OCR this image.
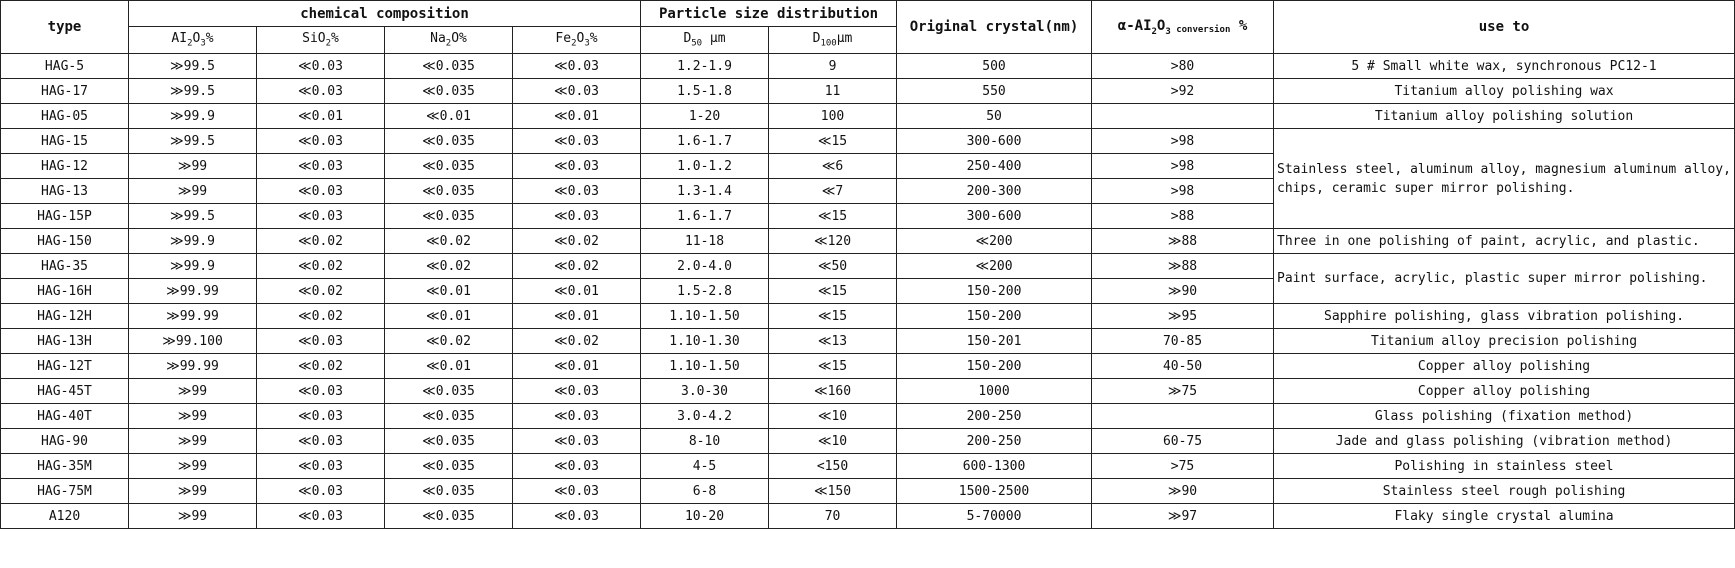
type	chemical composition				Particle size distribution		Original crystal(nm)	$\alpha-AI_2O_3$ conversion %	use to
	$AI_2O_3\%$	SiO$_2$%	$Na_2O\%$	$Fe_2O_3\%$	$D_{50}$ μm	$D_{100}\mu m$			
HAG-5	≫99.5	≪0.03	≪0.035	≪0.03	1.2-1.9	9	500	>80	5 # Small white wax, synchronous PC12-1
HAG-17	≫99.5	≪0.03	≪0.035	≪0.03	1.5-1.8	11	550	>92	Titanium alloy polishing wax
HAG-05	≫99.9	≪0.01	≪0.01	≪0.01	1-20	100	50		Titanium alloy polishing solution
HAG-15	≫99.5	≪0.03	≪0.035	≪0.03	1.6-1.7	≪15	300-600	>98	Stainless steel, aluminum alloy, magnesium aluminum alloy, chips, ceramic super mirror polishing.
HAG-12	≫99	≪0.03	≪0.035	≪0.03	1.0-1.2	≪6	250-400	>98	
HAG-13	≫99	≪0.03	≪0.035	≪0.03	1.3-1.4	≪7	200-300	>98	
HAG-15P	≫99.5	≪0.03	≪0.035	≪0.03	1.6-1.7	≪15	300-600	>88	
HAG-150	≫99.9	≪0.02	≪0.02	≪0.02	11-18	≪120	≪200	≫88	Three in one polishing of paint, acrylic, and plastic.
HAG-35	≫99.9	≪0.02	≪0.02	≪0.02	2.0-4.0	≪50	≪200	≫88	Paint surface, acrylic, plastic super mirror polishing.
HAG-16H	≫99.99	≪0.02	≪0.01	≪0.01	1.5-2.8	≪15	150-200	≫90	
HAG-12H	≫99.99	≪0.02	≪0.01	≪0.01	1.10-1.50	≪15	150-200	≫95	Sapphire polishing, glass vibration polishing.
HAG-13H	≫99.100	≪0.03	≪0.02	≪0.02	1.10-1.30	≪13	150-201	70-85	Titanium alloy precision polishing
HAG-12T	≫99.99	≪0.02	≪0.01	≪0.01	1.10-1.50	≪15	150-200	40-50	Copper alloy polishing
HAG-45T	≫99	≪0.03	≪0.035	≪0.03	3.0-30	≪160	1000	≫75	Copper alloy polishing
HAG-40T	≫99	≪0.03	≪0.035	≪0.03	3.0-4.2	≪10	200-250		Glass polishing (fixation method)
HAG-90	≫99	≪0.03	≪0.035	≪0.03	8-10	≪10	200-250	60-75	Jade and glass polishing (vibration method)
HAG-35M	≫99	≪0.03	≪0.035	≪0.03	4-5	<150	600-1300	>75	Polishing in stainless steel
HAG-75M	≫99	≪0.03	≪0.035	≪0.03	6-8	≪150	1500-2500	≫90	Stainless steel rough polishing
A120	≫99	≪0.03	≪0.035	≪0.03	10-20	70	5-70000	≫97	Flaky single crystal alumina
